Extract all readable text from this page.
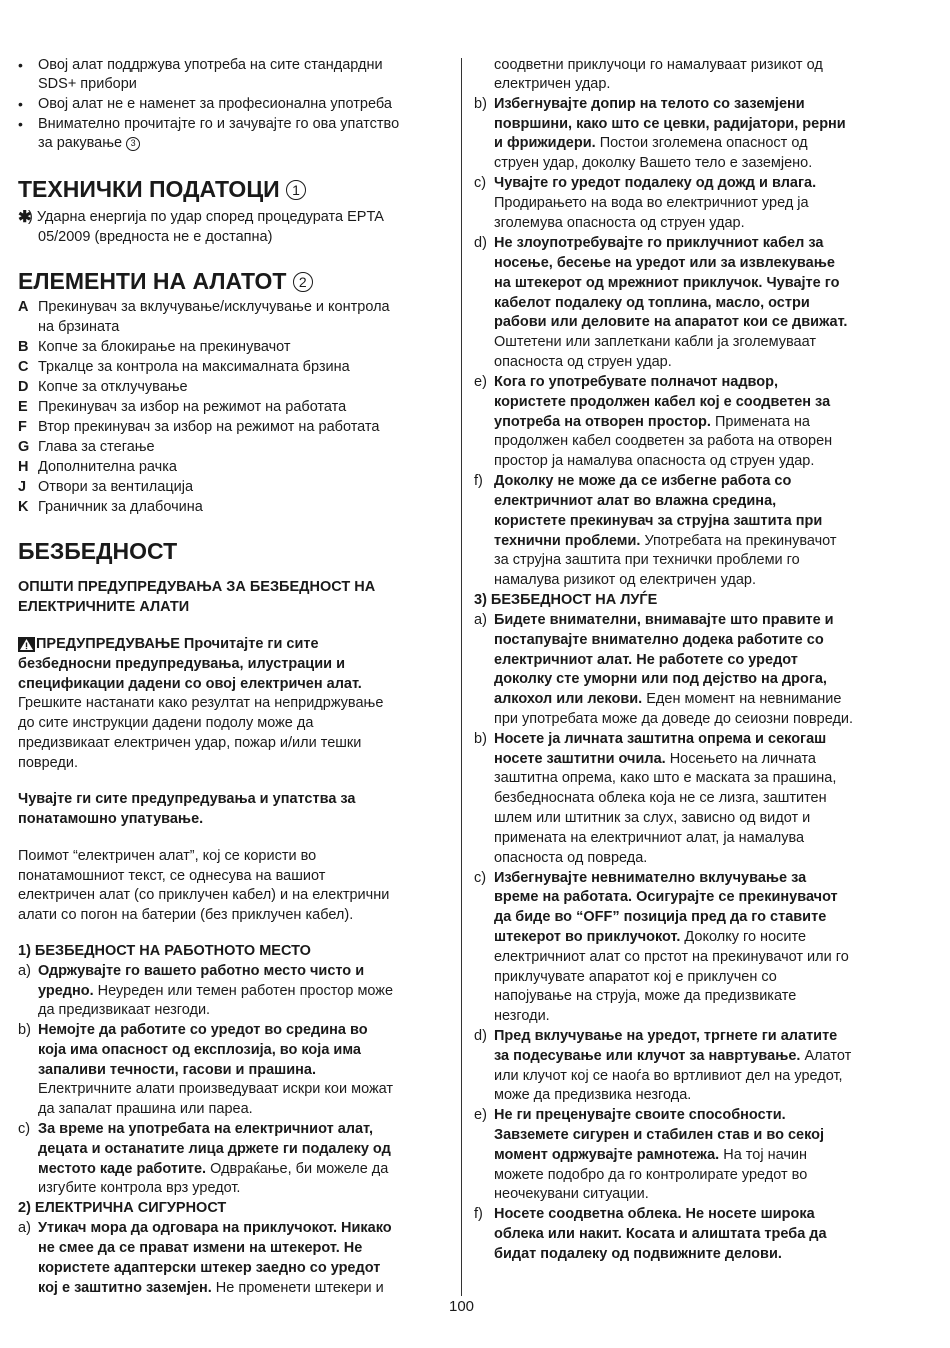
• Овој алат поддржува употреба на сите стандардни
SDS+ прибори
• Овој алат не е наменет за професионална употреба
• Внимателно прочитајте го и зачувајте го ова упатство
за ракување 3
ТЕХНИЧКИ ПОДАТОЦИ 1
✱
) Ударна енергија по удар според процедурата EPTA
05/2009 (вредноста не е достапна)
ЕЛЕМЕНТИ НА АЛАТОТ 2
A Прекинувач за вклучување/исклучување и контрола
на брзината
B Копче за блокирање на прекинувачот
C Тркалце за контрола на максималната брзина
D Копче за отклучување
E Прекинувач за избор на режимот на работата
F Втор прекинувач за избор на режимот на работата
G Глава за стегање
H Дополнителна рачка
J Отвори за вентилација
K Граничник за длабочина
БЕЗБЕДНОСТ
ОПШТИ ПРЕДУПРЕДУВАЊА ЗА БЕЗБЕДНОСТ НА
ЕЛЕКТРИЧНИТЕ АЛАТИ
ПРЕДУПРЕДУВАЊЕ Прочитајте ги сите
безбедносни предупредувања, илустрации и
спецификации дадени со овој електричен алат.
Грешките настанати како резултат на непридржување
до сите инструкции дадени подолу може да
предизвикаат електричен удар, пожар и/или тешки
повреди.
Чувајте ги сите предупредувања и упатства за
понатамошно упатување.
Поимот “електричен алат”, кој се користи во
понатамошниот текст, се однесува на вашиот
електричен алат (со приклучен кабел) и на електрични
алати со погон на батерии (без приклучен кабел).
1) БЕЗБЕДНОСТ НА РАБОТНОТО МЕСТО
a) Одржувајте го вашето работно место чисто и
уредно. Неуреден или темен работен простор може
да предизвикаат незгоди.
b) Немојте да работите со уредот во средина во
која има опасност од експлозија, во која има
запаливи течности, гасови и прашина.
Електричните алати произведуваат искри кои можат
да запалат прашина или пареа.
c) За време на употребата на електричниот алат,
децата и останатите лица држете ги подалеку од
местото каде работите. Одвраќање, би можеле да
изгубите контрола врз уредот.
2) ЕЛЕКТРИЧНА СИГУРНОСТ
a) Утикач мора да одговара на приклучокот. Никако
не смее да се прават измени на штекерот. Не
користете адаптерски штекер заедно со уредот
кој е заштитно заземјен. Не променети штекери и
соодветни приклучоци го намалуваат ризикот од
електричен удар.
b) Избегнувајте допир на телото со заземјени
површини, како што се цевки, радијатори, рерни
и фрижидери. Постои зголемена опасност од
струен удар, доколку Вашето тело е заземјено.
c) Чувајте го уредот подалеку од дожд и влага.
Продирањето на вода во електричниот уред ја
зголемува опасноста од струен удар.
d) Не злоупотребувајте го приклучниот кабел за
носење, бесење на уредот или за извлекување
на штекерот од мрежниот приклучок. Чувајте го
кабелот подалеку од топлина, масло, остри
рабови или деловите на апаратот кои се движат.
Оштетени или заплеткани кабли ја зголемуваат
опасноста од струен удар.
e) Кога го употребувате полначот надвор,
користете продолжен кабел кој е соодветен за
употреба на отворен простор. Примената на
продолжен кабел соодветен за работа на отворен
простор ја намалува опасноста од струен удар.
f) Доколку не може да се избегне работа со
електричниот алат во влажна средина,
користете прекинувач за струјна заштита при
технични проблеми. Употребата на прекинувачот
за струјна заштита при технички проблеми го
намалува ризикот од електричен удар.
3) БЕЗБЕДНОСТ НА ЛУЃЕ
a) Бидете внимателни, внимавајте што правите и
постапувајте внимателно додека работите со
електричниот алат. Не работете со уредот
доколку сте уморни или под дејство на дрога,
алкохол или лекови. Еден момент на невнимание
при употребата може да доведе до сеиозни повреди.
b) Носете ја личната заштитна опрема и секогаш
носете заштитни очила. Носењето на личната
заштитна опрема, како што е маската за прашина,
безбедносната облека која не се лизга, заштитен
шлем или штитник за слух, зависно од видот и
примената на електричниот алат, ја намалува
опасноста од повреда.
c) Избегнувајте невнимателно вклучување за
време на работата. Осигурајте се прекинувачот
да биде во “OFF” позиција пред да го ставите
штекерот во приклучокот. Доколку го носите
електричниот алат со прстот на прекинувачот или го
приклучувате апаратот кој е приклучен со
напојување на струја, може да предизвикате
незгоди.
d) Пред вклучување на уредот, тргнете ги алатите
за подесување или клучот за навртување. Алатот
или клучот кој се наоѓа во вртливиот дел на уредот,
може да предизвика незгода.
e) Не ги преценувајте своите способности.
Завземете сигурен и стабилен став и во секој
момент одржувајте рамнотежа. На тој начин
можете подобро да го контролирате уредот во
неочекувани ситуации.
f) Носете соодветна облека. Не носете широка
облека или накит. Косата и алиштата треба да
бидат подалеку од подвижните делови.
100
